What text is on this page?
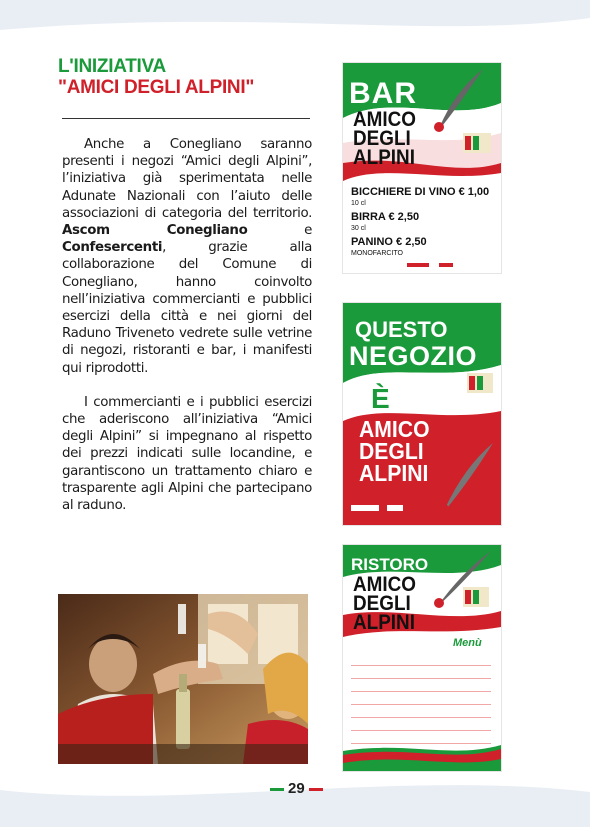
L'INIZIATIVA
"AMICI DEGLI ALPINI"

Anche a Conegliano saranno presenti i negozi “Amici degli Alpini”, l’iniziativa già sperimentata nelle Adunate Nazionali con l’aiuto delle associazioni di categoria del territorio. Ascom Conegliano e Confesercenti, grazie alla collaborazione del Comune di Conegliano, hanno coinvolto nell’iniziativa commercianti e pubblici esercizi della città e nei giorni del Raduno Triveneto vedrete sulle vetrine di negozi, ristoranti e bar, i manifesti qui riprodotti.

I commercianti e i pubblici esercizi che aderiscono all’iniziativa “Amici degli Alpini” si impegnano al rispetto dei prezzi indicati sulle locandine, e garantiscono un trattamento chiaro e trasparente agli Alpini che partecipano al raduno.

BAR
AMICO
DEGLI
ALPINI
BICCHIERE DI VINO € 1,00
10 cl
BIRRA € 2,50
30 cl
PANINO € 2,50
MONOFARCITO
QUESTO
NEGOZIO
È
AMICO
DEGLI
ALPINI
RISTORO
AMICO
DEGLI
ALPINI
Menù
29
